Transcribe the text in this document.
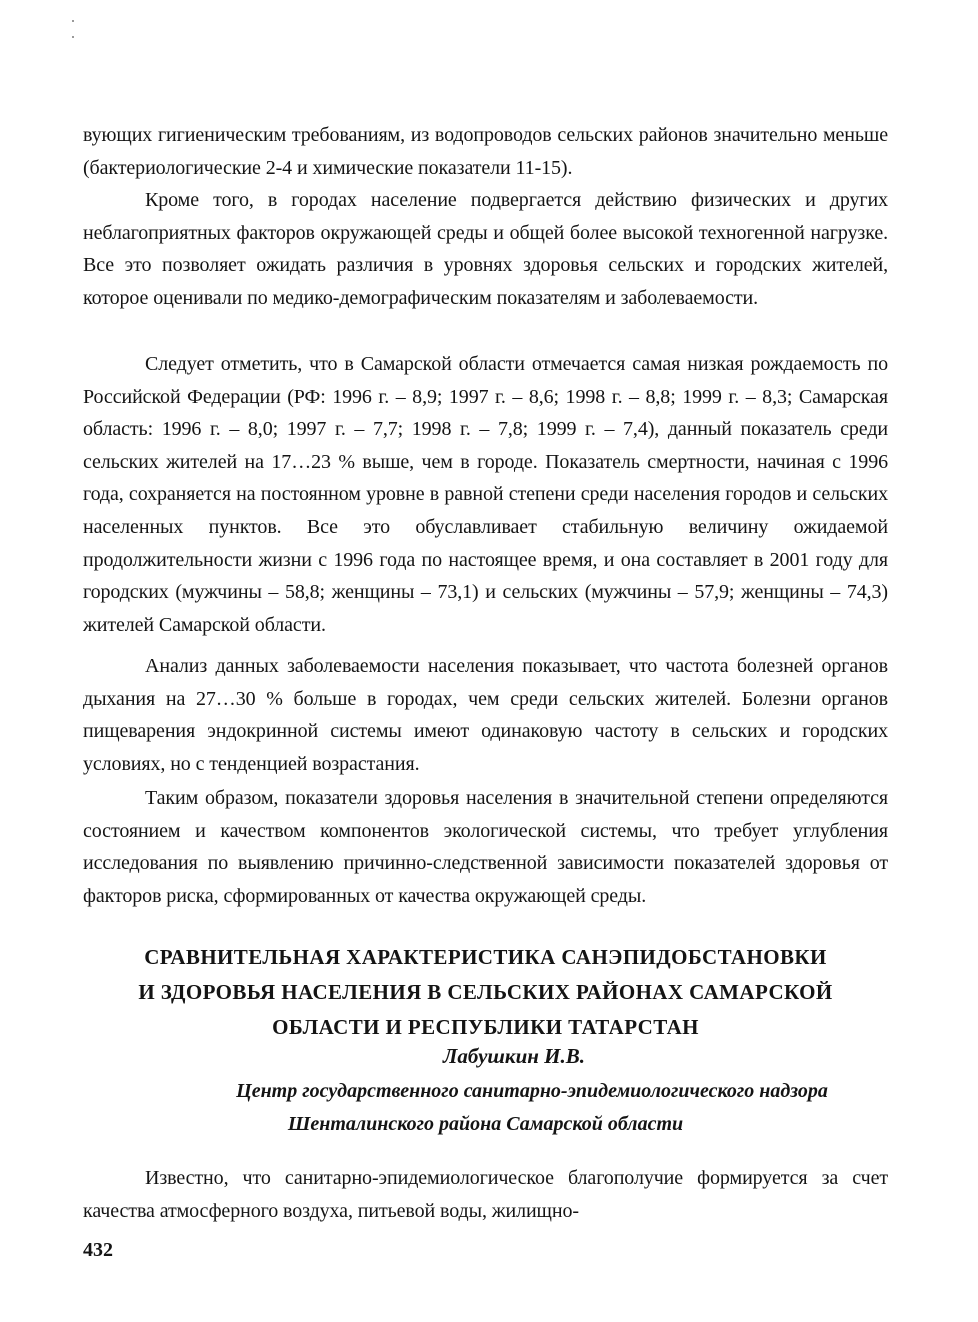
вующих гигиеническим требованиям, из водопроводов сельских районов значительно меньше (бактериологические 2-4 и химические показатели 11-15).

Кроме того, в городах население подвергается действию физических и других неблагоприятных факторов окружающей среды и общей более высокой техногенной нагрузке. Все это позволяет ожидать различия в уровнях здоровья сельских и городских жителей, которое оценивали по медико-демографическим показателям и заболеваемости.

Следует отметить, что в Самарской области отмечается самая низкая рождаемость по Российской Федерации (РФ: 1996 г. – 8,9; 1997 г. – 8,6; 1998 г. – 8,8; 1999 г. – 8,3; Самарская область: 1996 г. – 8,0; 1997 г. – 7,7; 1998 г. – 7,8; 1999 г. – 7,4), данный показатель среди сельских жителей на 17…23 % выше, чем в городе. Показатель смертности, начиная с 1996 года, сохраняется на постоянном уровне в равной степени среди населения городов и сельских населенных пунктов. Все это обуславливает стабильную величину ожидаемой продолжительности жизни с 1996 года по настоящее время, и она составляет в 2001 году для городских (мужчины – 58,8; женщины – 73,1) и сельских (мужчины – 57,9; женщины – 74,3) жителей Самарской области.

Анализ данных заболеваемости населения показывает, что частота болезней органов дыхания на 27…30 % больше в городах, чем среди сельских жителей. Болезни органов пищеварения эндокринной системы имеют одинаковую частоту в сельских и городских условиях, но с тенденцией возрастания.

Таким образом, показатели здоровья населения в значительной степени определяются состоянием и качеством компонентов экологической системы, что требует углубления исследования по выявлению причинно-следственной зависимости показателей здоровья от факторов риска, сформированных от качества окружающей среды.

СРАВНИТЕЛЬНАЯ ХАРАКТЕРИСТИКА САНЭПИДОБСТАНОВКИ
И ЗДОРОВЬЯ НАСЕЛЕНИЯ В СЕЛЬСКИХ РАЙОНАХ САМАРСКОЙ
ОБЛАСТИ И РЕСПУБЛИКИ ТАТАРСТАН

Лабушкин И.В.

Центр государственного санитарно-эпидемиологического надзора
Шенталинского района Самарской области

Известно, что санитарно-эпидемиологическое благополучие формируется за счет качества атмосферного воздуха, питьевой воды, жилищно-

432
